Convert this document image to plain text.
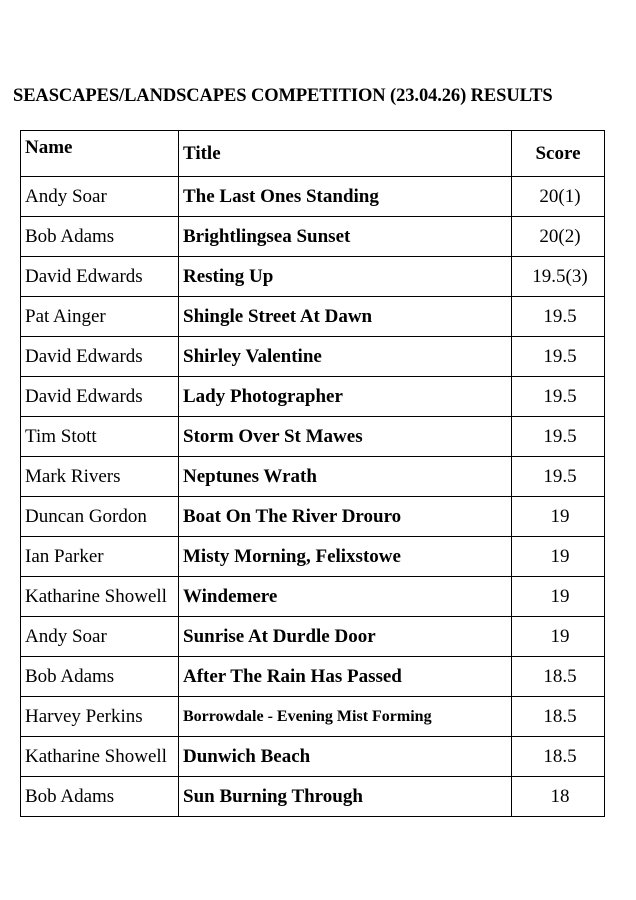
SEASCAPES/LANDSCAPES COMPETITION (23.04.26) RESULTS
Name	Title	Score
Andy Soar	The Last Ones Standing	20(1)
Bob Adams	Brightlingsea Sunset	20(2)
David Edwards	Resting Up	19.5(3)
Pat Ainger	Shingle Street At Dawn	19.5
David Edwards	Shirley Valentine	19.5
David Edwards	Lady Photographer	19.5
Tim Stott	Storm Over St Mawes	19.5
Mark Rivers	Neptunes Wrath	19.5
Duncan Gordon	Boat On The River Drouro	19
Ian Parker	Misty Morning, Felixstowe	19
Katharine Showell	Windemere	19
Andy Soar	Sunrise At Durdle Door	19
Bob Adams	After The Rain Has Passed	18.5
Harvey Perkins	Borrowdale - Evening Mist Forming	18.5
Katharine Showell	Dunwich Beach	18.5
Bob Adams	Sun Burning Through	18
